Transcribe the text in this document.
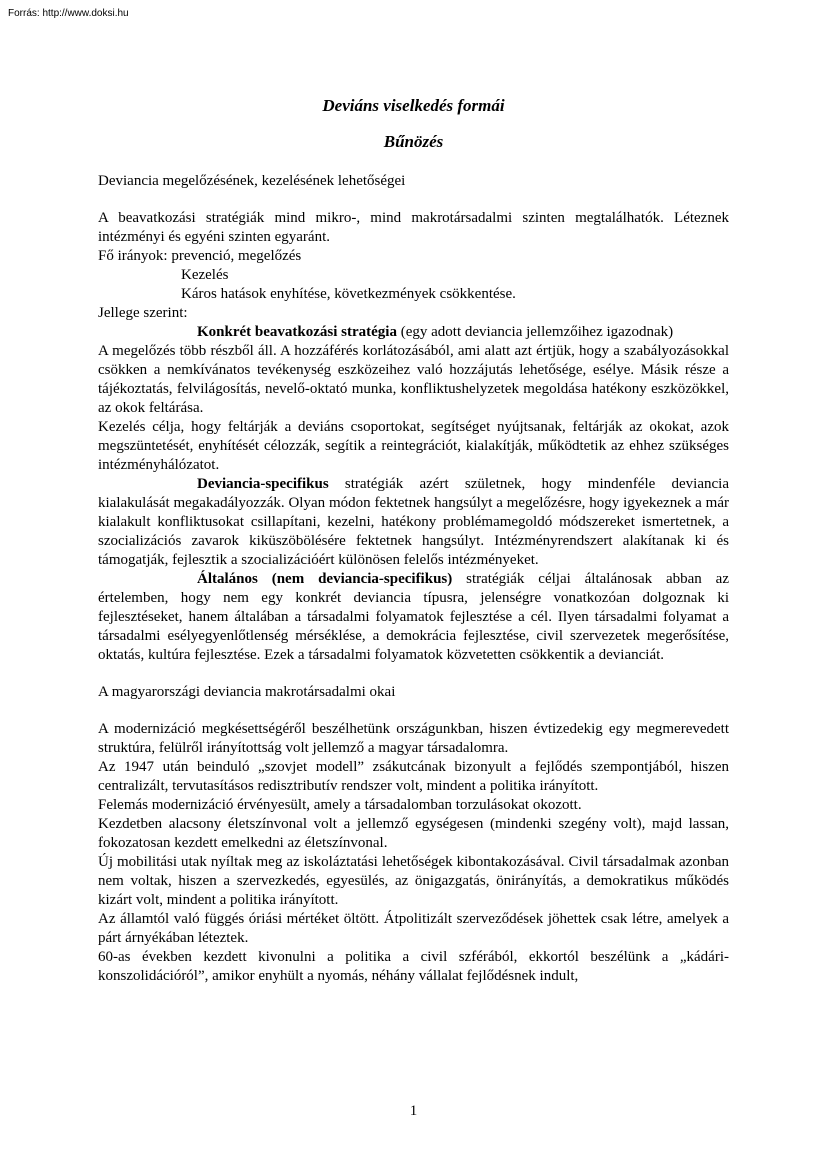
Forrás: http://www.doksi.hu
Deviáns viselkedés formái
Bűnözés

Deviancia megelőzésének, kezelésének lehetőségei

A beavatkozási stratégiák mind mikro-, mind makrotársadalmi szinten megtalálhatók. Léteznek intézményi és egyéni szinten egyaránt.

Fő irányok: prevenció, megelőzés

Kezelés

Káros hatások enyhítése, következmények csökkentése.

Jellege szerint:

Konkrét beavatkozási stratégia (egy adott deviancia jellemzőihez igazodnak)

A megelőzés több részből áll. A hozzáférés korlátozásából, ami alatt azt értjük, hogy a szabályozásokkal csökken a nemkívánatos tevékenység eszközeihez való hozzájutás lehetősége, esélye. Másik része a tájékoztatás, felvilágosítás, nevelő-oktató munka, konfliktushelyzetek megoldása hatékony eszközökkel, az okok feltárása.

Kezelés célja, hogy feltárják a deviáns csoportokat, segítséget nyújtsanak, feltárják az okokat, azok megszüntetését, enyhítését célozzák, segítik a reintegrációt, kialakítják, működtetik az ehhez szükséges intézményhálózatot.

Deviancia-specifikus stratégiák azért születnek, hogy mindenféle deviancia kialakulását megakadályozzák. Olyan módon fektetnek hangsúlyt a megelőzésre, hogy igyekeznek a már kialakult konfliktusokat csillapítani, kezelni, hatékony problémamegoldó módszereket ismertetnek, a szocializációs zavarok kiküszöbölésére fektetnek hangsúlyt. Intézményrendszert alakítanak ki és támogatják, fejlesztik a szocializációért különösen felelős intézményeket.

Általános (nem deviancia-specifikus) stratégiák céljai általánosak abban az értelemben, hogy nem egy konkrét deviancia típusra, jelenségre vonatkozóan dolgoznak ki fejlesztéseket, hanem általában a társadalmi folyamatok fejlesztése a cél. Ilyen társadalmi folyamat a társadalmi esélyegyenlőtlenség mérséklése, a demokrácia fejlesztése, civil szervezetek megerősítése, oktatás, kultúra fejlesztése. Ezek a társadalmi folyamatok közvetetten csökkentik a devianciát.

A magyarországi deviancia makrotársadalmi okai

A modernizáció megkésettségéről beszélhetünk országunkban, hiszen évtizedekig egy megmerevedett struktúra, felülről irányítottság volt jellemző a magyar társadalomra.

Az 1947 után beinduló „szovjet modell” zsákutcának bizonyult a fejlődés szempontjából, hiszen centralizált, tervutasításos redisztributív rendszer volt, mindent a politika irányított.

Felemás modernizáció érvényesült, amely a társadalomban torzulásokat okozott.

Kezdetben alacsony életszínvonal volt a jellemző egységesen (mindenki szegény volt), majd lassan, fokozatosan kezdett emelkedni az életszínvonal.

Új mobilitási utak nyíltak meg az iskoláztatási lehetőségek kibontakozásával. Civil társadalmak azonban nem voltak, hiszen a szervezkedés, egyesülés, az önigazgatás, önirányítás, a demokratikus működés kizárt volt, mindent a politika irányított.

Az államtól való függés óriási mértéket öltött. Átpolitizált szerveződések jöhettek csak létre, amelyek a párt árnyékában léteztek.

60-as években kezdett kivonulni a politika a civil szférából, ekkortól beszélünk a „kádári-konszolidációról”, amikor enyhült a nyomás, néhány vállalat fejlődésnek indult,

1
